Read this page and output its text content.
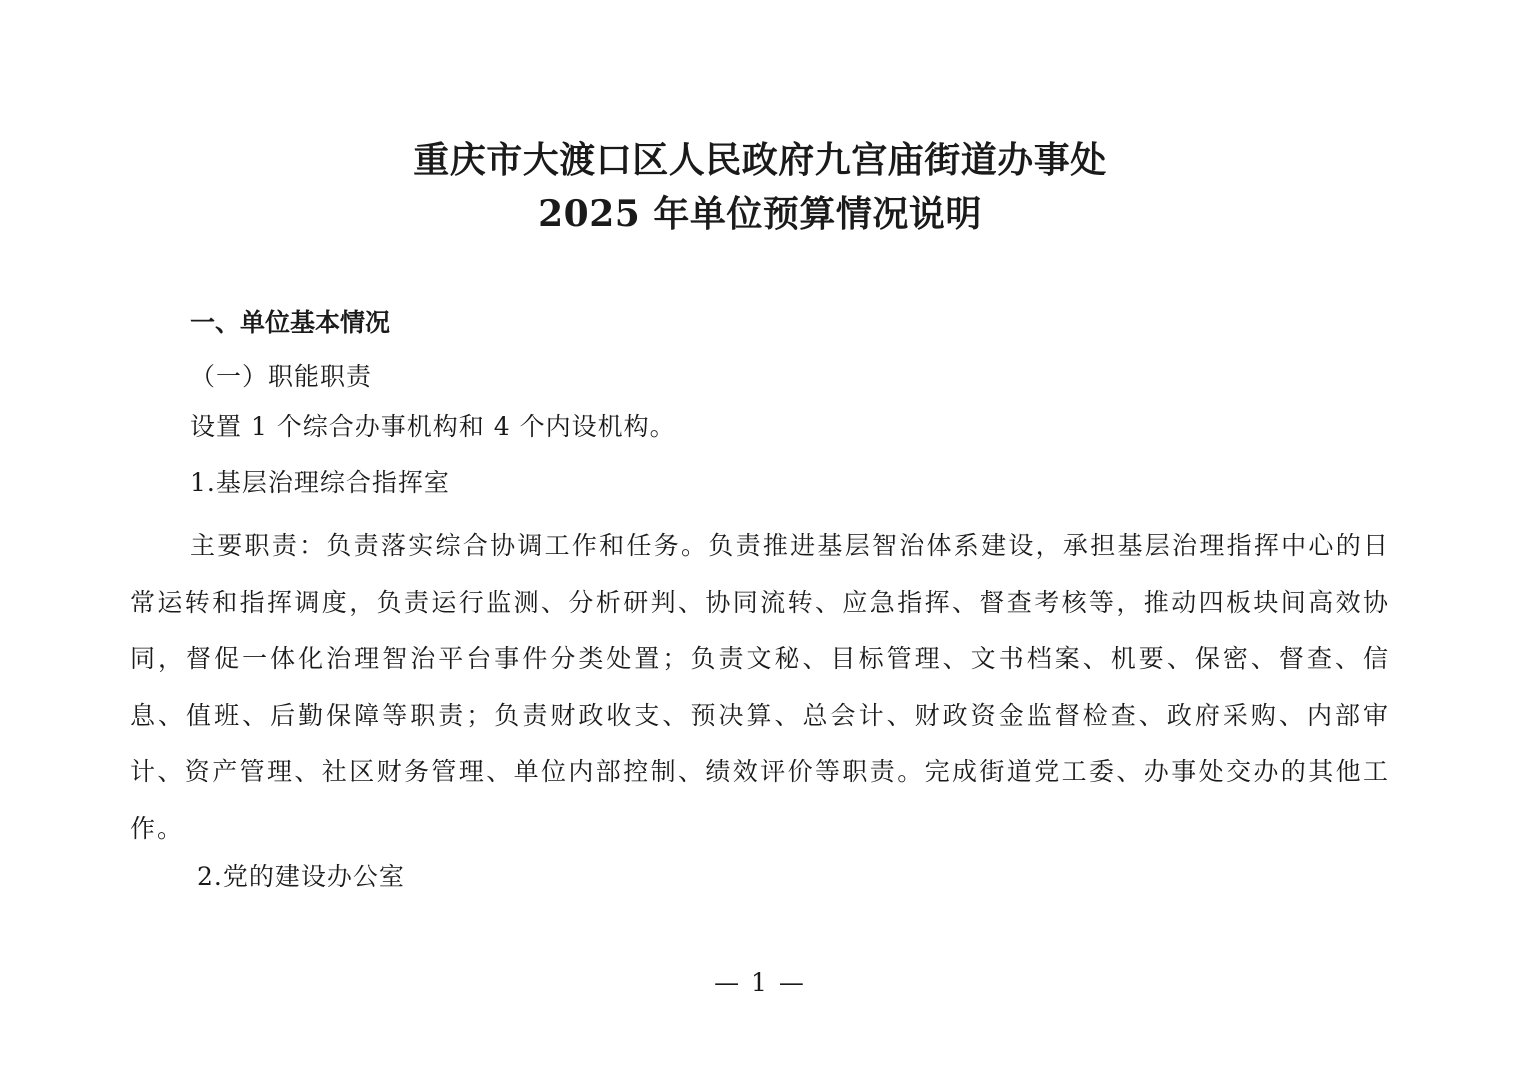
重庆市大渡口区人民政府九宫庙街道办事处
2025 年单位预算情况说明
一、单位基本情况
（一）职能职责
设置 1 个综合办事机构和 4 个内设机构。
1.基层治理综合指挥室
主要职责：负责落实综合协调工作和任务。负责推进基层智治体系建设，承担基层治理指挥中心的日常运转和指挥调度，负责运行监测、分析研判、协同流转、应急指挥、督查考核等，推动四板块间高效协同，督促一体化治理智治平台事件分类处置；负责文秘、目标管理、文书档案、机要、保密、督查、信息、值班、后勤保障等职责；负责财政收支、预决算、总会计、财政资金监督检查、政府采购、内部审计、资产管理、社区财务管理、单位内部控制、绩效评价等职责。完成街道党工委、办事处交办的其他工作。
2.党的建设办公室
— 1 —
